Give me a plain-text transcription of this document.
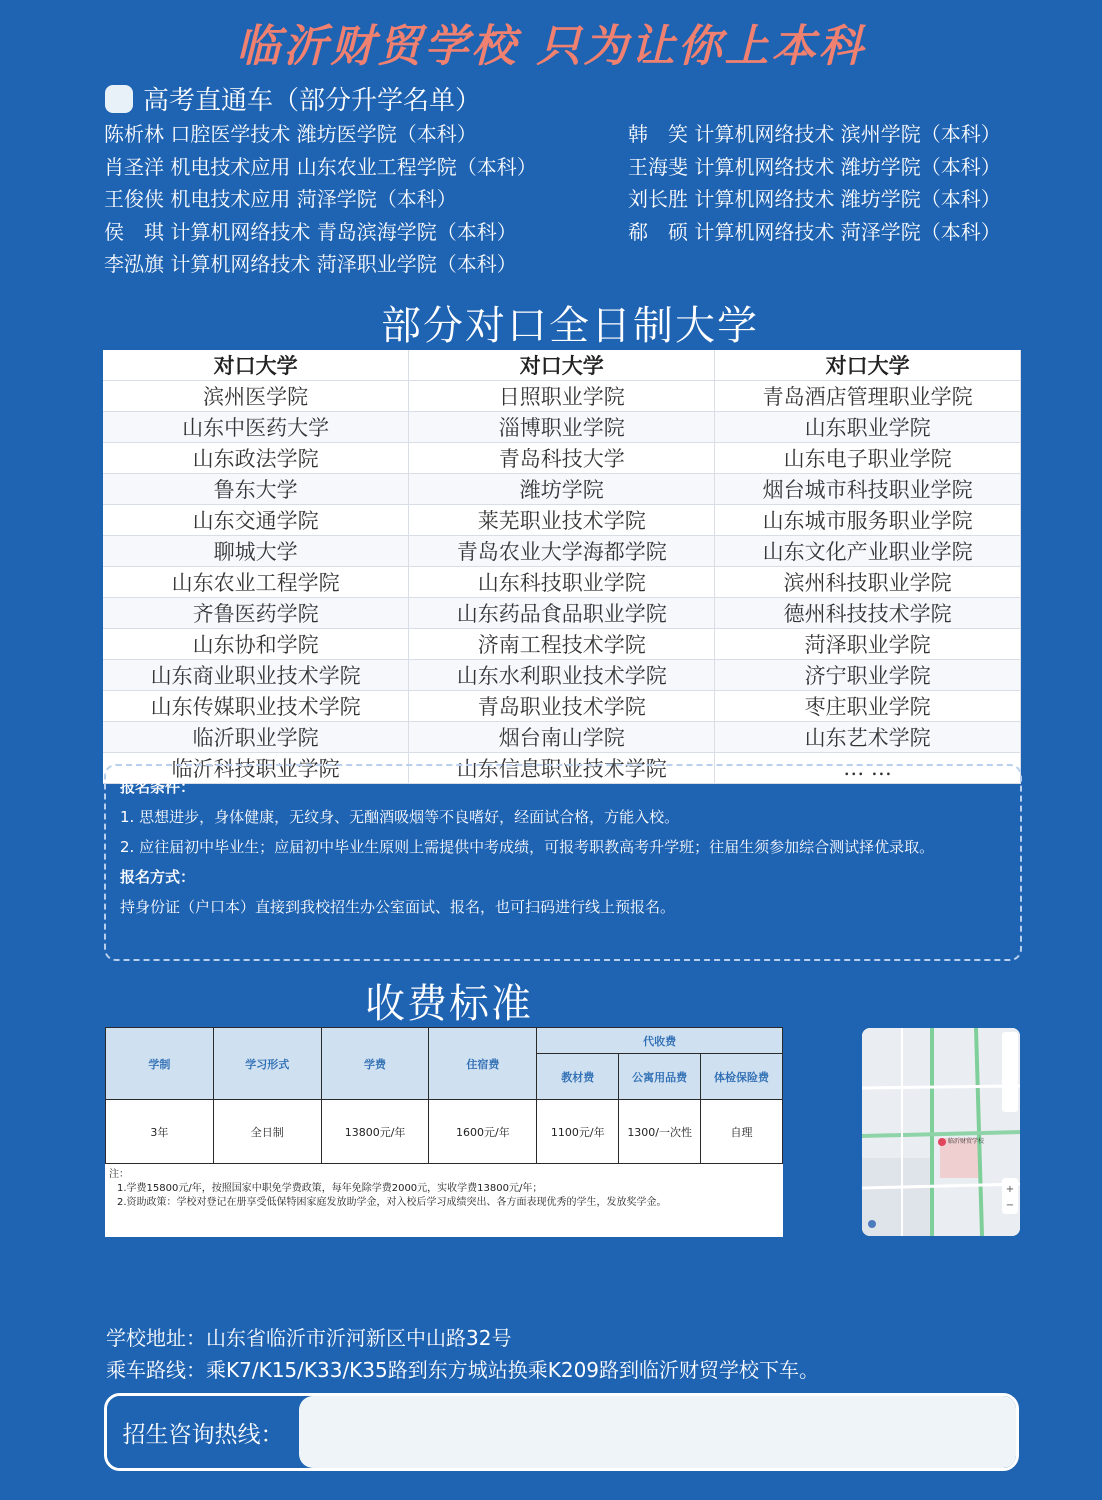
临沂财贸学校 只为让你上本科
高考直通车（部分升学名单）
陈析林 口腔医学技术 潍坊医学院（本科）
肖圣洋 机电技术应用 山东农业工程学院（本科）
王俊侠 机电技术应用 菏泽学院（本科）
侯　琪 计算机网络技术 青岛滨海学院（本科）
李泓旗 计算机网络技术 菏泽职业学院（本科）
韩　笑 计算机网络技术 滨州学院（本科）
王海斐 计算机网络技术 潍坊学院（本科）
刘长胜 计算机网络技术 潍坊学院（本科）
郗　硕 计算机网络技术 菏泽学院（本科）
部分对口全日制大学
对口大学	对口大学	对口大学
滨州医学院	日照职业学院	青岛酒店管理职业学院
山东中医药大学	淄博职业学院	山东职业学院
山东政法学院	青岛科技大学	山东电子职业学院
鲁东大学	潍坊学院	烟台城市科技职业学院
山东交通学院	莱芜职业技术学院	山东城市服务职业学院
聊城大学	青岛农业大学海都学院	山东文化产业职业学院
山东农业工程学院	山东科技职业学院	滨州科技职业学院
齐鲁医药学院	山东药品食品职业学院	德州科技技术学院
山东协和学院	济南工程技术学院	菏泽职业学院
山东商业职业技术学院	山东水利职业技术学院	济宁职业学院
山东传媒职业技术学院	青岛职业技术学院	枣庄职业学院
临沂职业学院	烟台南山学院	山东艺术学院
临沂科技职业学院	山东信息职业技术学院	… …
报名条件：
1. 思想进步，身体健康，无纹身、无酗酒吸烟等不良嗜好，经面试合格，方能入校。
2. 应往届初中毕业生；应届初中毕业生原则上需提供中考成绩，可报考职教高考升学班；往届生须参加综合测试择优录取。
报名方式：
持身份证（户口本）直接到我校招生办公室面试、报名，也可扫码进行线上预报名。
收费标准
学制	学习形式	学费	住宿费	代收费		
				教材费	公寓用品费	体检保险费
3年	全日制	13800元/年	1600元/年	1100元/年	1300/一次性	自理
注：
1.学费15800元/年，按照国家中职免学费政策，每年免除学费2000元，实收学费13800元/年；
2.资助政策：学校对登记在册享受低保特困家庭发放助学金，对入校后学习成绩突出、各方面表现优秀的学生，发放奖学金。
+
−
临沂财贸学校
学校地址：山东省临沂市沂河新区中山路32号
乘车路线：乘K7/K15/K33/K35路到东方城站换乘K209路到临沂财贸学校下车。
招生咨询热线：
